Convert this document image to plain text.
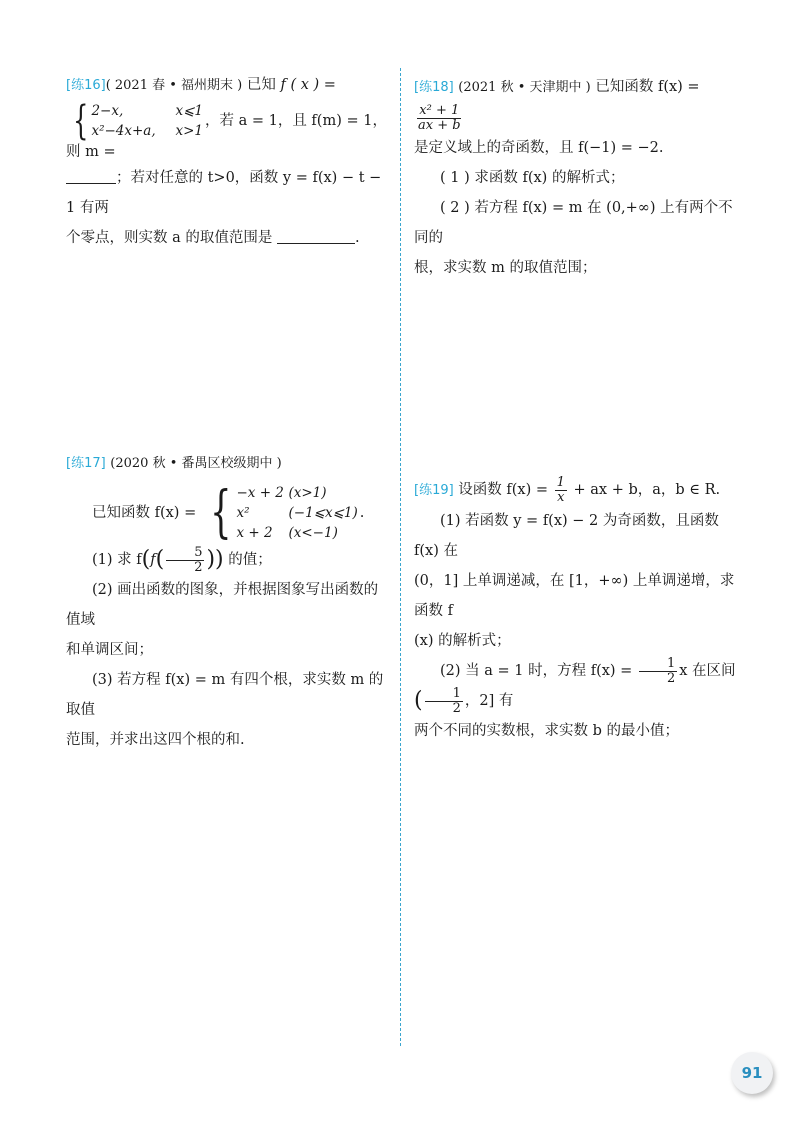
[练16]( 2021 春 • 福州期末 ) 已知 f ( x ) =
{ 2−x,	x⩽1
x²−4x+a,	x>1
，若 a = 1，且 f(m) = 1，则 m =
；若对任意的 t>0，函数 y = f(x) − t − 1 有两
个零点，则实数 a 的取值范围是	.
[练18] (2021 秋 • 天津期中 ) 已知函数 f(x) =
$\frac{\text{x² + 1}}{ax + b}$
是定义域上的奇函数，且 f(−1) = −2.
( 1 ) 求函数 f(x) 的解析式；
( 2 ) 若方程 f(x) = m 在 (0,+∞) 上有两个不同的
根，求实数 m 的取值范围；
[练17] (2020 秋 • 番禺区校级期中 )
已知函数 f(x) = { −x + 2 (x>1)
x²	(−1⩽x⩽1)
x + 2	(x<−1)
.
(1) 求 $f(f( \frac{5}{2}$ )) 的值；
(2) 画出函数的图象，并根据图象写出函数的值域
和单调区间；
(3) 若方程 f(x) = m 有四个根，求实数 m 的取值
范围，并求出这四个根的和.
[练19] 设函数 $f(x) = \frac{1}{x}$ + ax + b，a，b ∈ R.
(1) 若函数 y = f(x) − 2 为奇函数，且函数 f(x) 在
(0，1] 上单调递减，在 [1，+∞) 上单调递增，求函数 f
(x) 的解析式；
(2) 当 a = 1 时，方程 $f(x) = \frac{1}{2}$ x 在区间 ( $\frac{1}{2}$ ，2] 有
两个不同的实数根，求实数 b 的最小值；
91
